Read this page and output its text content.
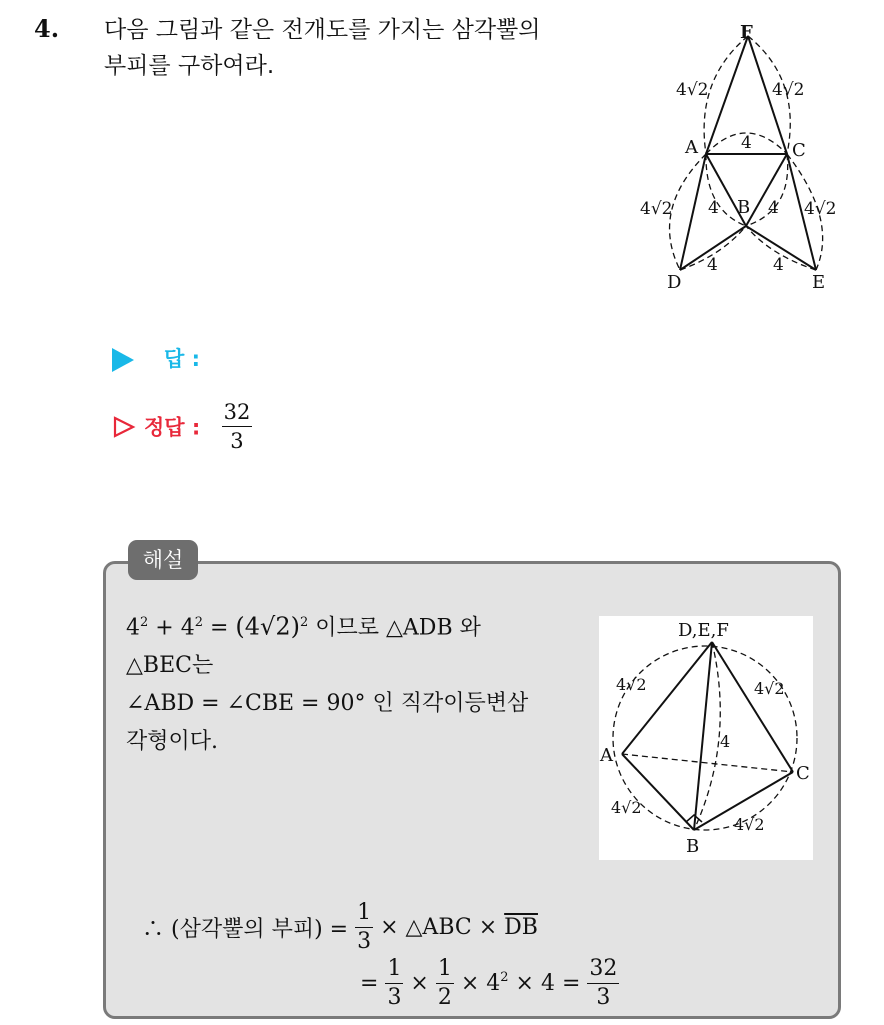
4. 다음 그림과 같은 전개도를 가지는 삼각뿔의
부피를 구하여라.
F
A	C
B
D	E
4√2	4√2
4
4√2 4	4 4√2
4	4
답 :
정답 : $\frac{32}{3}$
해설
$4^2 + 4^2 = (4√2)^2$ 이므로 △ADB 와
△BEC는
∠ABD = ∠CBE = 90° 인 직각이등변삼
각형이다.
D,E,F
A
C
B
4√2	4√2
4√2
4√2
4

∴ (삼각뿔의 부피) = $\frac{1}{3}$ × △ABC × $\overline{DB}$

= $\frac{1}{3} \times \frac{1}{2} \times 4^2 \times 4 = \frac{32}{3}$
